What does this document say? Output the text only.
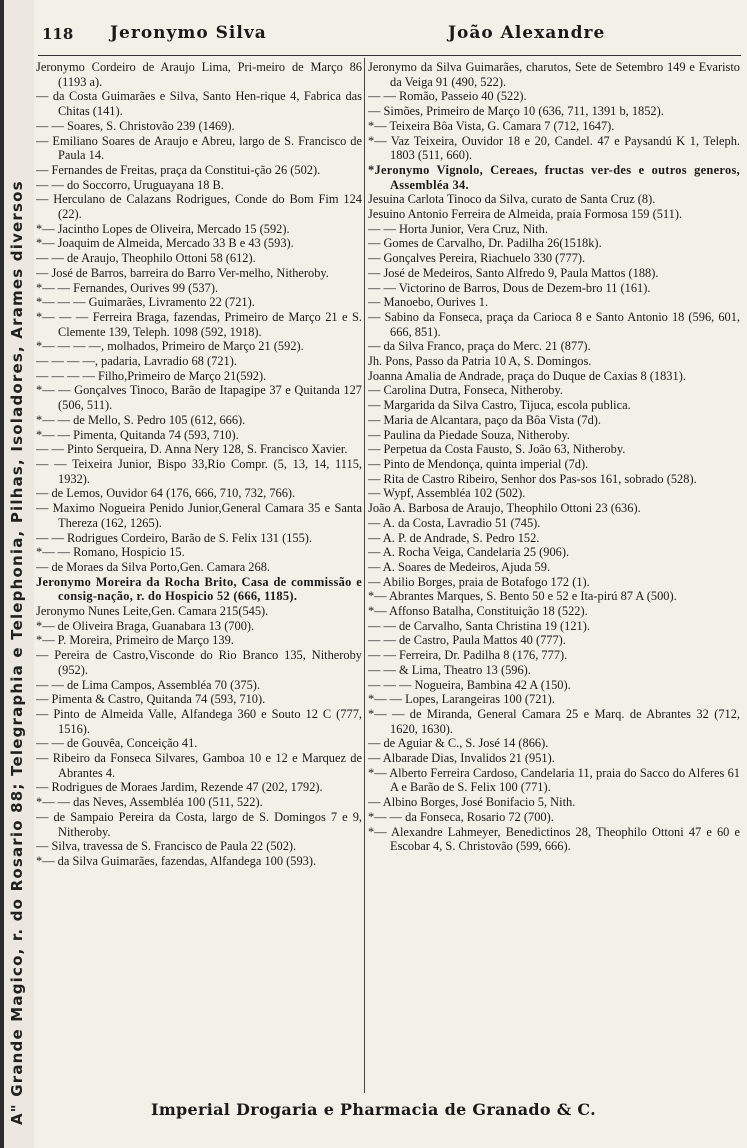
A" Grande Magico, r. do Rosario 88; Telegraphia e Telephonia, Pilhas, Isoladores, Arames diversos
118 Jeronymo Silva	João Alexandre

Jeronymo Cordeiro de Araujo Lima, Pri-meiro de Março 86 (1193 a).

— da Costa Guimarães e Silva, Santo Hen-rique 4, Fabrica das Chitas (141).

— — Soares, S. Christovão 239 (1469).

— Emiliano Soares de Araujo e Abreu, largo de S. Francisco de Paula 14.

— Fernandes de Freitas, praça da Constitui-ção 26 (502).

— — do Soccorro, Uruguayana 18 B.

— Herculano de Calazans Rodrigues, Conde do Bom Fim 124 (22).

*— Jacintho Lopes de Oliveira, Mercado 15 (592).

*— Joaquim de Almeida, Mercado 33 B e 43 (593).

— — de Araujo, Theophilo Ottoni 58 (612).

— José de Barros, barreira do Barro Ver-melho, Nitheroby.

*— — Fernandes, Ourives 99 (537).

*— — — Guimarães, Livramento 22 (721).

*— — — Ferreira Braga, fazendas, Primeiro de Março 21 e S. Clemente 139, Teleph. 1098 (592, 1918).

*— — — —, molhados, Primeiro de Março 21 (592).

— — — —, padaria, Lavradio 68 (721).

— — — — Filho,Primeiro de Março 21(592).

*— — Gonçalves Tinoco, Barão de Itapagipe 37 e Quitanda 127 (506, 511).

*— — de Mello, S. Pedro 105 (612, 666).

*— — Pimenta, Quitanda 74 (593, 710).

— — Pinto Serqueira, D. Anna Nery 128, S. Francisco Xavier.

— — Teixeira Junior, Bispo 33,Rio Compr. (5, 13, 14, 1115, 1932).

— de Lemos, Ouvidor 64 (176, 666, 710, 732, 766).

— Maximo Nogueira Penido Junior,General Camara 35 e Santa Thereza (162, 1265).

— — Rodrigues Cordeiro, Barão de S. Felix 131 (155).

*— — Romano, Hospicio 15.

— de Moraes da Silva Porto,Gen. Camara 268.

Jeronymo Moreira da Rocha Brito, Casa de commissão e consig-nação, r. do Hospicio 52 (666, 1185).

Jeronymo Nunes Leite,Gen. Camara 215(545).

*— de Oliveira Braga, Guanabara 13 (700).

*— P. Moreira, Primeiro de Março 139.

— Pereira de Castro,Visconde do Rio Branco 135, Nitheroby (952).

— — de Lima Campos, Assembléa 70 (375).

— Pimenta & Castro, Quitanda 74 (593, 710).

— Pinto de Almeida Valle, Alfandega 360 e Souto 12 C (777, 1516).

— — de Gouvêa, Conceição 41.

— Ribeiro da Fonseca Silvares, Gamboa 10 e 12 e Marquez de Abrantes 4.

— Rodrigues de Moraes Jardim, Rezende 47 (202, 1792).

*— — das Neves, Assembléa 100 (511, 522).

— de Sampaio Pereira da Costa, largo de S. Domingos 7 e 9, Nitheroby.

— Silva, travessa de S. Francisco de Paula 22 (502).

*— da Silva Guimarães, fazendas, Alfandega 100 (593).

Jeronymo da Silva Guimarães, charutos, Sete de Setembro 149 e Evaristo da Veiga 91 (490, 522).

— — Romão, Passeio 40 (522).

— Simões, Primeiro de Março 10 (636, 711, 1391 b, 1852).

*— Teixeira Bôa Vista, G. Camara 7 (712, 1647).

*— Vaz Teixeira, Ouvidor 18 e 20, Candel. 47 e Paysandú K 1, Teleph. 1803 (511, 660).

*Jeronymo Vignolo, Cereaes, fructas ver-des e outros generos, Assembléa 34.

Jesuina Carlota Tinoco da Silva, curato de Santa Cruz (8).

Jesuino Antonio Ferreira de Almeida, praia Formosa 159 (511).

— — Horta Junior, Vera Cruz, Nith.

— Gomes de Carvalho, Dr. Padilha 26(1518k).

— Gonçalves Pereira, Riachuelo 330 (777).

— José de Medeiros, Santo Alfredo 9, Paula Mattos (188).

— — Victorino de Barros, Dous de Dezem-bro 11 (161).

— Manoebo, Ourives 1.

— Sabino da Fonseca, praça da Carioca 8 e Santo Antonio 18 (596, 601, 666, 851).

— da Silva Franco, praça do Merc. 21 (877).

Jh. Pons, Passo da Patria 10 A, S. Domingos.

Joanna Amalia de Andrade, praça do Duque de Caxias 8 (1831).

— Carolina Dutra, Fonseca, Nitheroby.

— Margarida da Silva Castro, Tijuca, escola publica.

— Maria de Alcantara, paço da Bôa Vista (7d).

— Paulina da Piedade Souza, Nitheroby.

— Perpetua da Costa Fausto, S. João 63, Nitheroby.

— Pinto de Mendonça, quinta imperial (7d).

— Rita de Castro Ribeiro, Senhor dos Pas-sos 161, sobrado (528).

— Wypf, Assembléa 102 (502).

João A. Barbosa de Araujo, Theophilo Ottoni 23 (636).

— A. da Costa, Lavradio 51 (745).

— A. P. de Andrade, S. Pedro 152.

— A. Rocha Veiga, Candelaria 25 (906).

— A. Soares de Medeiros, Ajuda 59.

— Abilio Borges, praia de Botafogo 172 (1).

*— Abrantes Marques, S. Bento 50 e 52 e Ita-pirú 87 A (500).

*— Affonso Batalha, Constituição 18 (522).

— — de Carvalho, Santa Christina 19 (121).

— — de Castro, Paula Mattos 40 (777).

— — Ferreira, Dr. Padilha 8 (176, 777).

— — & Lima, Theatro 13 (596).

— — — Nogueira, Bambina 42 A (150).

*— — Lopes, Larangeiras 100 (721).

*— — de Miranda, General Camara 25 e Marq. de Abrantes 32 (712, 1620, 1630).

— de Aguiar & C., S. José 14 (866).

— Albarade Dias, Invalidos 21 (951).

*— Alberto Ferreira Cardoso, Candelaria 11, praia do Sacco do Alferes 61 A e Barão de S. Felix 100 (771).

— Albino Borges, José Bonifacio 5, Nith.

*— — da Fonseca, Rosario 72 (700).

*— Alexandre Lahmeyer, Benedictinos 28, Theophilo Ottoni 47 e 60 e Escobar 4, S. Christovão (599, 666).

Imperial Drogaria e Pharmacia de Granado & C.
